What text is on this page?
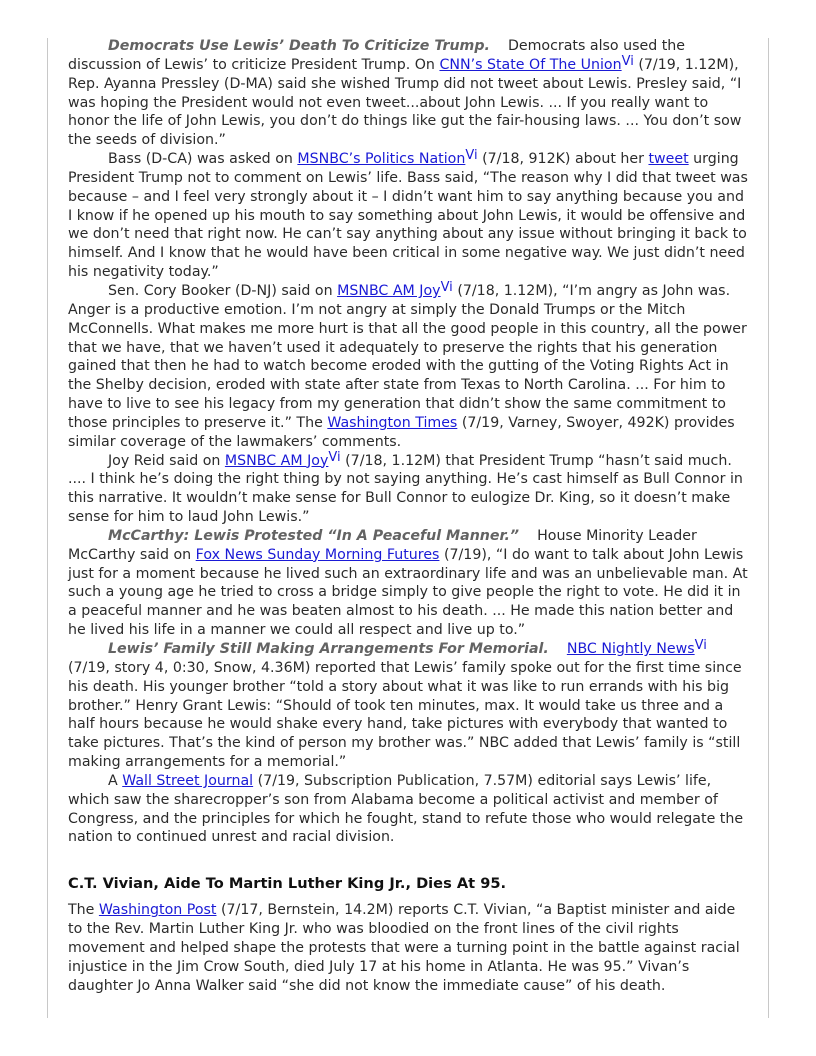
Democrats Use Lewis’ Death To Criticize Trump. Democrats also used the discussion of Lewis’ to criticize President Trump. On CNN’s State Of The UnionVi (7/19, 1.12M), Rep. Ayanna Pressley (D-MA) said she wished Trump did not tweet about Lewis. Presley said, “I was hoping the President would not even tweet...about John Lewis. ... If you really want to honor the life of John Lewis, you don’t do things like gut the fair-housing laws. ... You don’t sow the seeds of division.”

Bass (D-CA) was asked on MSNBC’s Politics NationVi (7/18, 912K) about her tweet urging President Trump not to comment on Lewis’ life. Bass said, “The reason why I did that tweet was because – and I feel very strongly about it – I didn’t want him to say anything because you and I know if he opened up his mouth to say something about John Lewis, it would be offensive and we don’t need that right now. He can’t say anything about any issue without bringing it back to himself. And I know that he would have been critical in some negative way. We just didn’t need his negativity today.”

Sen. Cory Booker (D-NJ) said on MSNBC AM JoyVi (7/18, 1.12M), “I’m angry as John was. Anger is a productive emotion. I’m not angry at simply the Donald Trumps or the Mitch McConnells. What makes me more hurt is that all the good people in this country, all the power that we have, that we haven’t used it adequately to preserve the rights that his generation gained that then he had to watch become eroded with the gutting of the Voting Rights Act in the Shelby decision, eroded with state after state from Texas to North Carolina. ... For him to have to live to see his legacy from my generation that didn’t show the same commitment to those principles to preserve it.” The Washington Times (7/19, Varney, Swoyer, 492K) provides similar coverage of the lawmakers’ comments.

Joy Reid said on MSNBC AM JoyVi (7/18, 1.12M) that President Trump “hasn’t said much. .... I think he’s doing the right thing by not saying anything. He’s cast himself as Bull Connor in this narrative. It wouldn’t make sense for Bull Connor to eulogize Dr. King, so it doesn’t make sense for him to laud John Lewis.”

McCarthy: Lewis Protested “In A Peaceful Manner.” House Minority Leader McCarthy said on Fox News Sunday Morning Futures (7/19), “I do want to talk about John Lewis just for a moment because he lived such an extraordinary life and was an unbelievable man. At such a young age he tried to cross a bridge simply to give people the right to vote. He did it in a peaceful manner and he was beaten almost to his death. ... He made this nation better and he lived his life in a manner we could all respect and live up to.”

Lewis’ Family Still Making Arrangements For Memorial. NBC Nightly NewsVi (7/19, story 4, 0:30, Snow, 4.36M) reported that Lewis’ family spoke out for the first time since his death. His younger brother “told a story about what it was like to run errands with his big brother.” Henry Grant Lewis: “Should of took ten minutes, max. It would take us three and a half hours because he would shake every hand, take pictures with everybody that wanted to take pictures. That’s the kind of person my brother was.” NBC added that Lewis’ family is “still making arrangements for a memorial.”

A Wall Street Journal (7/19, Subscription Publication, 7.57M) editorial says Lewis’ life, which saw the sharecropper’s son from Alabama become a political activist and member of Congress, and the principles for which he fought, stand to refute those who would relegate the nation to continued unrest and racial division.

C.T. Vivian, Aide To Martin Luther King Jr., Dies At 95.

The Washington Post (7/17, Bernstein, 14.2M) reports C.T. Vivian, “a Baptist minister and aide to the Rev. Martin Luther King Jr. who was bloodied on the front lines of the civil rights movement and helped shape the protests that were a turning point in the battle against racial injustice in the Jim Crow South, died July 17 at his home in Atlanta. He was 95.” Vivan’s daughter Jo Anna Walker said “she did not know the immediate cause” of his death.
